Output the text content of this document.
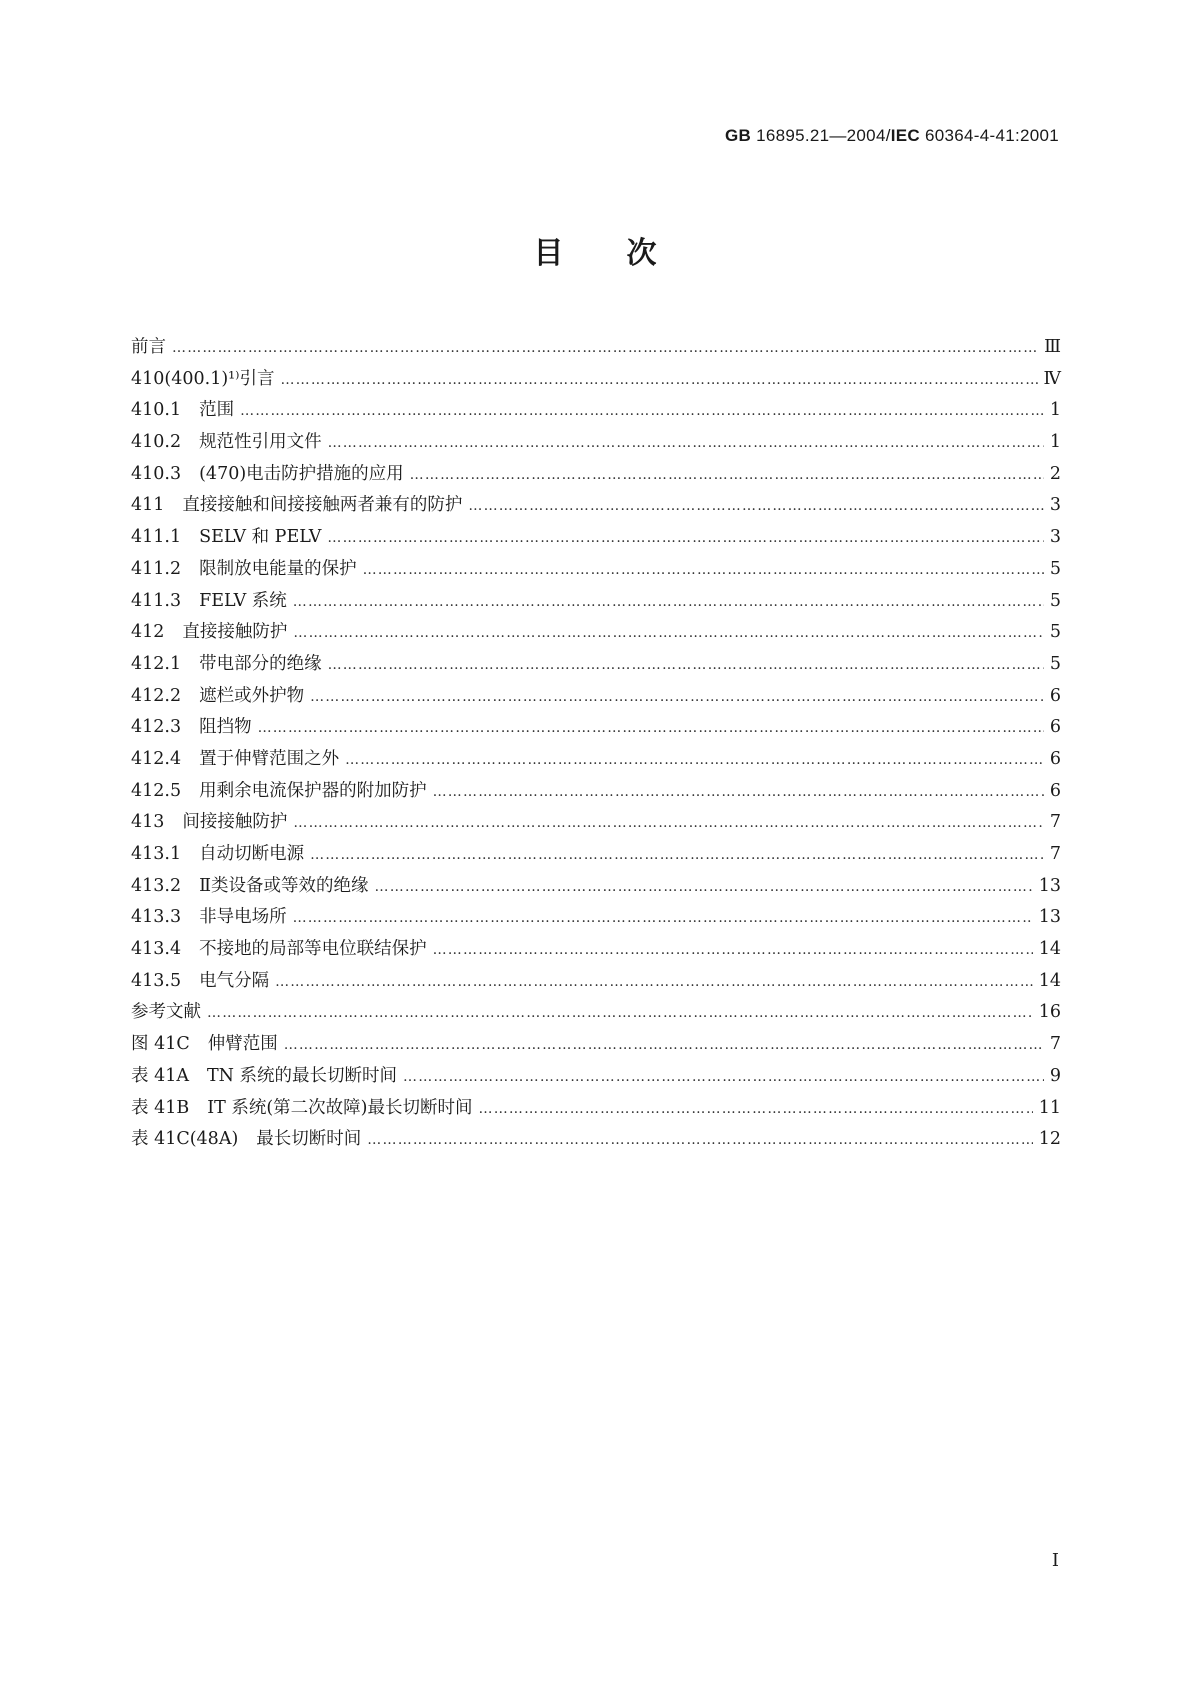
GB 16895.21—2004/IEC 60364-4-41:2001
目 次
前言 ……………………………………………………………………………………………………………………………………………………………………………………………………………………………………………………	Ⅲ
410(400.1)¹⁾引言 ……………………………………………………………………………………………………………………………………………………………………………………………………………………………………………………	Ⅳ
410.1 范围 ……………………………………………………………………………………………………………………………………………………………………………………………………………………………………………………	1
410.2 规范性引用文件 ……………………………………………………………………………………………………………………………………………………………………………………………………………………………………………………	1
410.3 (470)电击防护措施的应用 ……………………………………………………………………………………………………………………………………………………………………………………………………………………………………………………	2
411 直接接触和间接接触两者兼有的防护 ……………………………………………………………………………………………………………………………………………………………………………………………………………………………………………………	3
411.1 SELV 和 PELV ……………………………………………………………………………………………………………………………………………………………………………………………………………………………………………………	3
411.2 限制放电能量的保护 ……………………………………………………………………………………………………………………………………………………………………………………………………………………………………………………	5
411.3 FELV 系统 ……………………………………………………………………………………………………………………………………………………………………………………………………………………………………………………	5
412 直接接触防护 ……………………………………………………………………………………………………………………………………………………………………………………………………………………………………………………	5
412.1 带电部分的绝缘 ……………………………………………………………………………………………………………………………………………………………………………………………………………………………………………………	5
412.2 遮栏或外护物 ……………………………………………………………………………………………………………………………………………………………………………………………………………………………………………………	6
412.3 阻挡物 ……………………………………………………………………………………………………………………………………………………………………………………………………………………………………………………	6
412.4 置于伸臂范围之外 ……………………………………………………………………………………………………………………………………………………………………………………………………………………………………………………	6
412.5 用剩余电流保护器的附加防护 ……………………………………………………………………………………………………………………………………………………………………………………………………………………………………………………	6
413 间接接触防护 ……………………………………………………………………………………………………………………………………………………………………………………………………………………………………………………	7
413.1 自动切断电源 ……………………………………………………………………………………………………………………………………………………………………………………………………………………………………………………	7
413.2 Ⅱ类设备或等效的绝缘 ……………………………………………………………………………………………………………………………………………………………………………………………………………………………………………………	13
413.3 非导电场所 ……………………………………………………………………………………………………………………………………………………………………………………………………………………………………………………	13
413.4 不接地的局部等电位联结保护 ……………………………………………………………………………………………………………………………………………………………………………………………………………………………………………………	14
413.5 电气分隔 ……………………………………………………………………………………………………………………………………………………………………………………………………………………………………………………	14
参考文献 ……………………………………………………………………………………………………………………………………………………………………………………………………………………………………………………	16
图 41C 伸臂范围 ……………………………………………………………………………………………………………………………………………………………………………………………………………………………………………………	7
表 41A TN 系统的最长切断时间 ……………………………………………………………………………………………………………………………………………………………………………………………………………………………………………………	9
表 41B IT 系统(第二次故障)最长切断时间 ……………………………………………………………………………………………………………………………………………………………………………………………………………………………………………………	11
表 41C(48A) 最长切断时间 ……………………………………………………………………………………………………………………………………………………………………………………………………………………………………………………	12
I
